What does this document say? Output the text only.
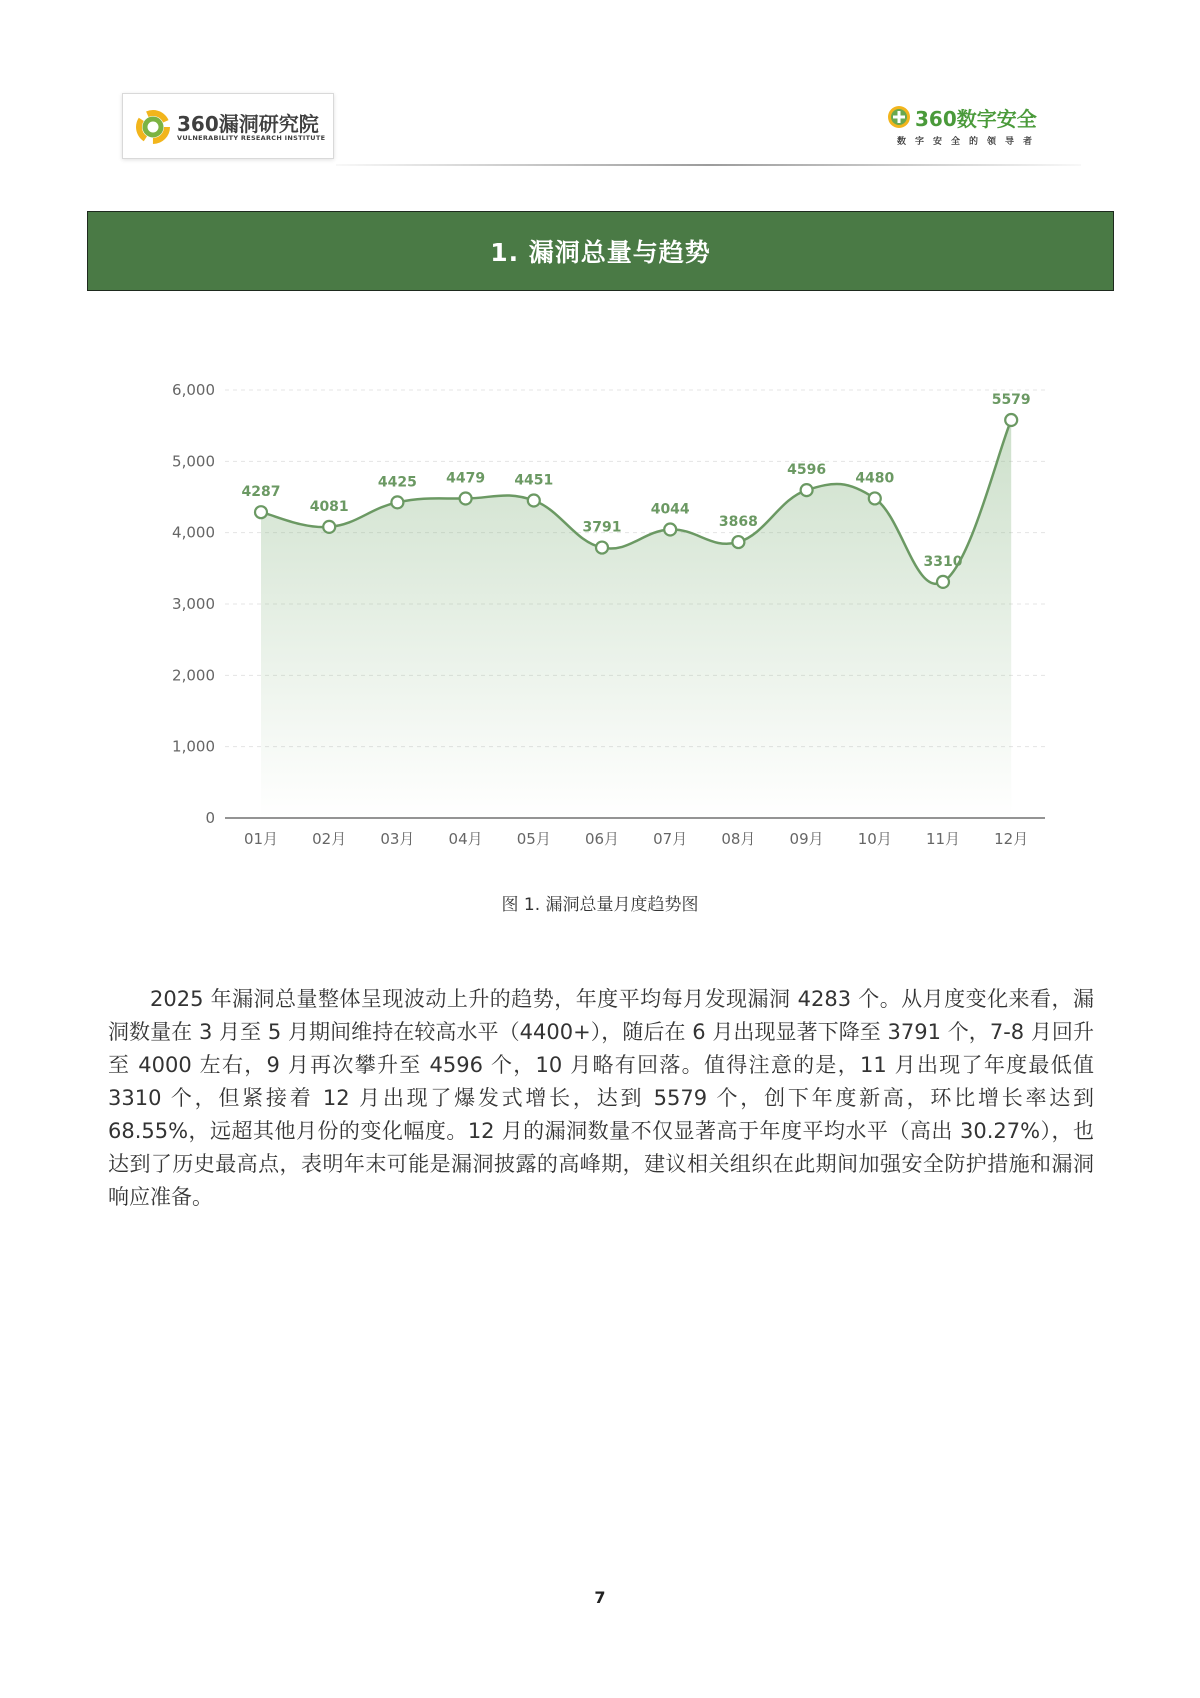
360漏洞研究院
VULNERABILITY RESEARCH INSTITUTE
360数字安全
数字安全的领导者
1. 漏洞总量与趋势
0
1,000
2,000
3,000
4,000
5,000
6,000
4287
4081
4425 4479 4451
3791
4044
3868
4596
4480
3310
5579
01月 02月 03月 04月 05月 06月 07月 08月 09月 10月 11月 12月
图 1. 漏洞总量月度趋势图

2025 年漏洞总量整体呈现波动上升的趋势，年度平均每月发现漏洞 4283 个。从月度变化来看，漏洞数量在 3 月至 5 月期间维持在较高水平（4400+），随后在 6 月出现显著下降至 3791 个，7-8 月回升至 4000 左右，9 月再次攀升至 4596 个，10 月略有回落。值得注意的是，11 月出现了年度最低值 3310 个，但紧接着 12 月出现了爆发式增长，达到 5579 个，创下年度新高，环比增长率达到 68.55%，远超其他月份的变化幅度。12 月的漏洞数量不仅显著高于年度平均水平（高出 30.27%），也达到了历史最高点，表明年末可能是漏洞披露的高峰期，建议相关组织在此期间加强安全防护措施和漏洞响应准备。

7
